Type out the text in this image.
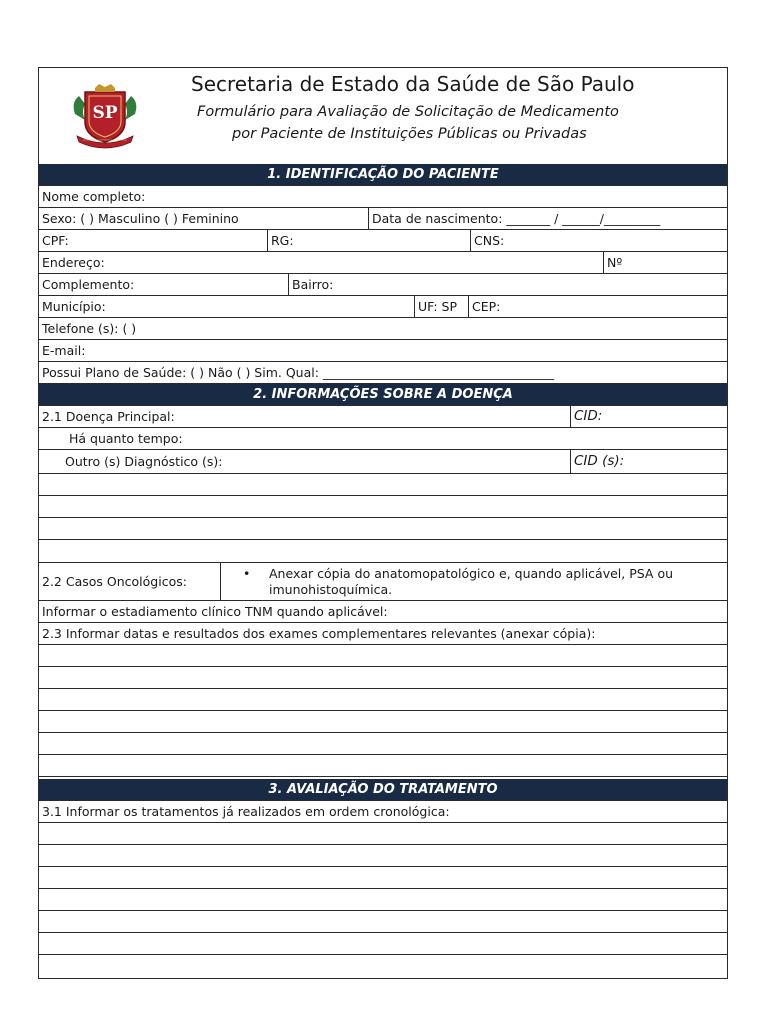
SP
Secretaria de Estado da Saúde de São Paulo
Formulário para Avaliação de Solicitação de Medicamento
por Paciente de Instituições Públicas ou Privadas
1. IDENTIFICAÇÃO DO PACIENTE
Nome completo:
Sexo: ( ) Masculino ( ) Feminino	Data de nascimento: _______ / ______/_________
CPF:	RG:	CNS:
Endereço:	Nº
Complemento:	Bairro:
Município:	UF: SP	CEP:
Telefone (s): ( )
E-mail:
Possui Plano de Saúde: ( ) Não ( ) Sim. Qual: _____________________________________
2. INFORMAÇÕES SOBRE A DOENÇA
2.1 Doença Principal:	CID:
Há quanto tempo:
Outro (s) Diagnóstico (s):	CID (s):
2.2 Casos Oncológicos:
•	Anexar cópia do anatomopatológico e, quando aplicável, PSA ou
imunohistoquímica.
Informar o estadiamento clínico TNM quando aplicável:
2.3 Informar datas e resultados dos exames complementares relevantes (anexar cópia):
3. AVALIAÇÃO DO TRATAMENTO
3.1 Informar os tratamentos já realizados em ordem cronológica:
